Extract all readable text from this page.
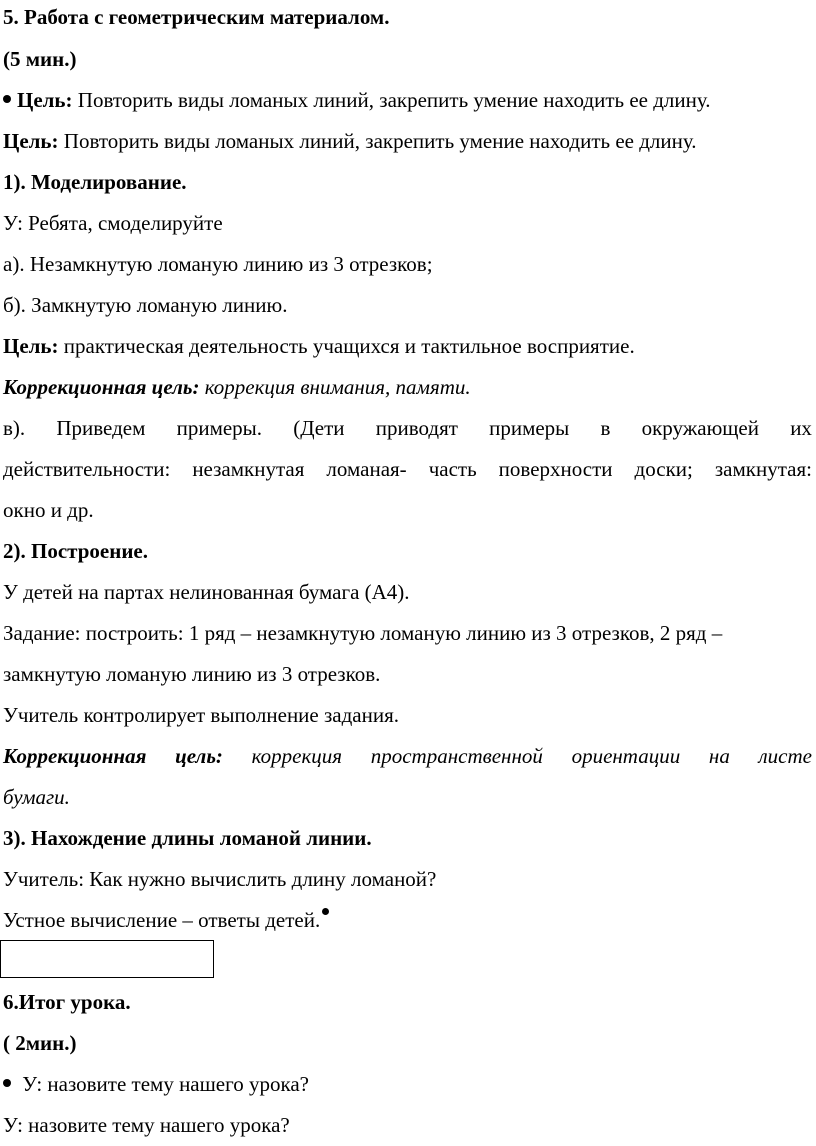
5. Работа с геометрическим материалом.
(5 мин.)
Цель: Повторить виды ломаных линий, закрепить умение находить ее длину.
Цель: Повторить виды ломаных линий, закрепить умение находить ее длину.
1). Моделирование.
У: Ребята, смоделируйте
а). Незамкнутую ломаную линию из 3 отрезков;
б). Замкнутую ломаную линию.
Цель: практическая деятельность учащихся и тактильное восприятие.
Коррекционная цель: коррекция внимания, памяти.
в). Приведем примеры. (Дети приводят примеры в окружающей их
действительности: незамкнутая ломаная- часть поверхности доски; замкнутая:
окно и др.
2). Построение.
У детей на партах нелинованная бумага (А4).
Задание: построить: 1 ряд – незамкнутую ломаную линию из 3 отрезков, 2 ряд –
замкнутую ломаную линию из 3 отрезков.
Учитель контролирует выполнение задания.
Коррекционная цель: коррекция пространственной ориентации на листе
бумаги.
3). Нахождение длины ломаной линии.
Учитель: Как нужно вычислить длину ломаной?
Устное вычисление – ответы детей.
6.Итог урока.
( 2мин.)
У: назовите тему нашего урока?
У: назовите тему нашего урока?
